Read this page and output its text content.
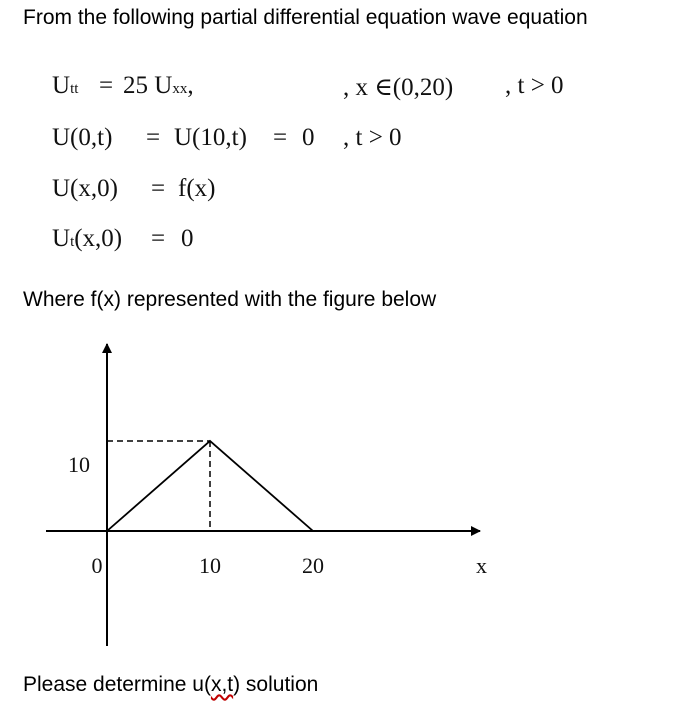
From the following partial differential equation wave equation
Utt = 25 Uxx,	, x ∈(0,20) , t > 0
U(0,t) = U(10,t) = 0 , t > 0
U(x,0) = f(x)
Ut(x,0) = 0
Where f(x) represented with the figure below
0	10	20
10
x
Please determine u(x,t) solution
